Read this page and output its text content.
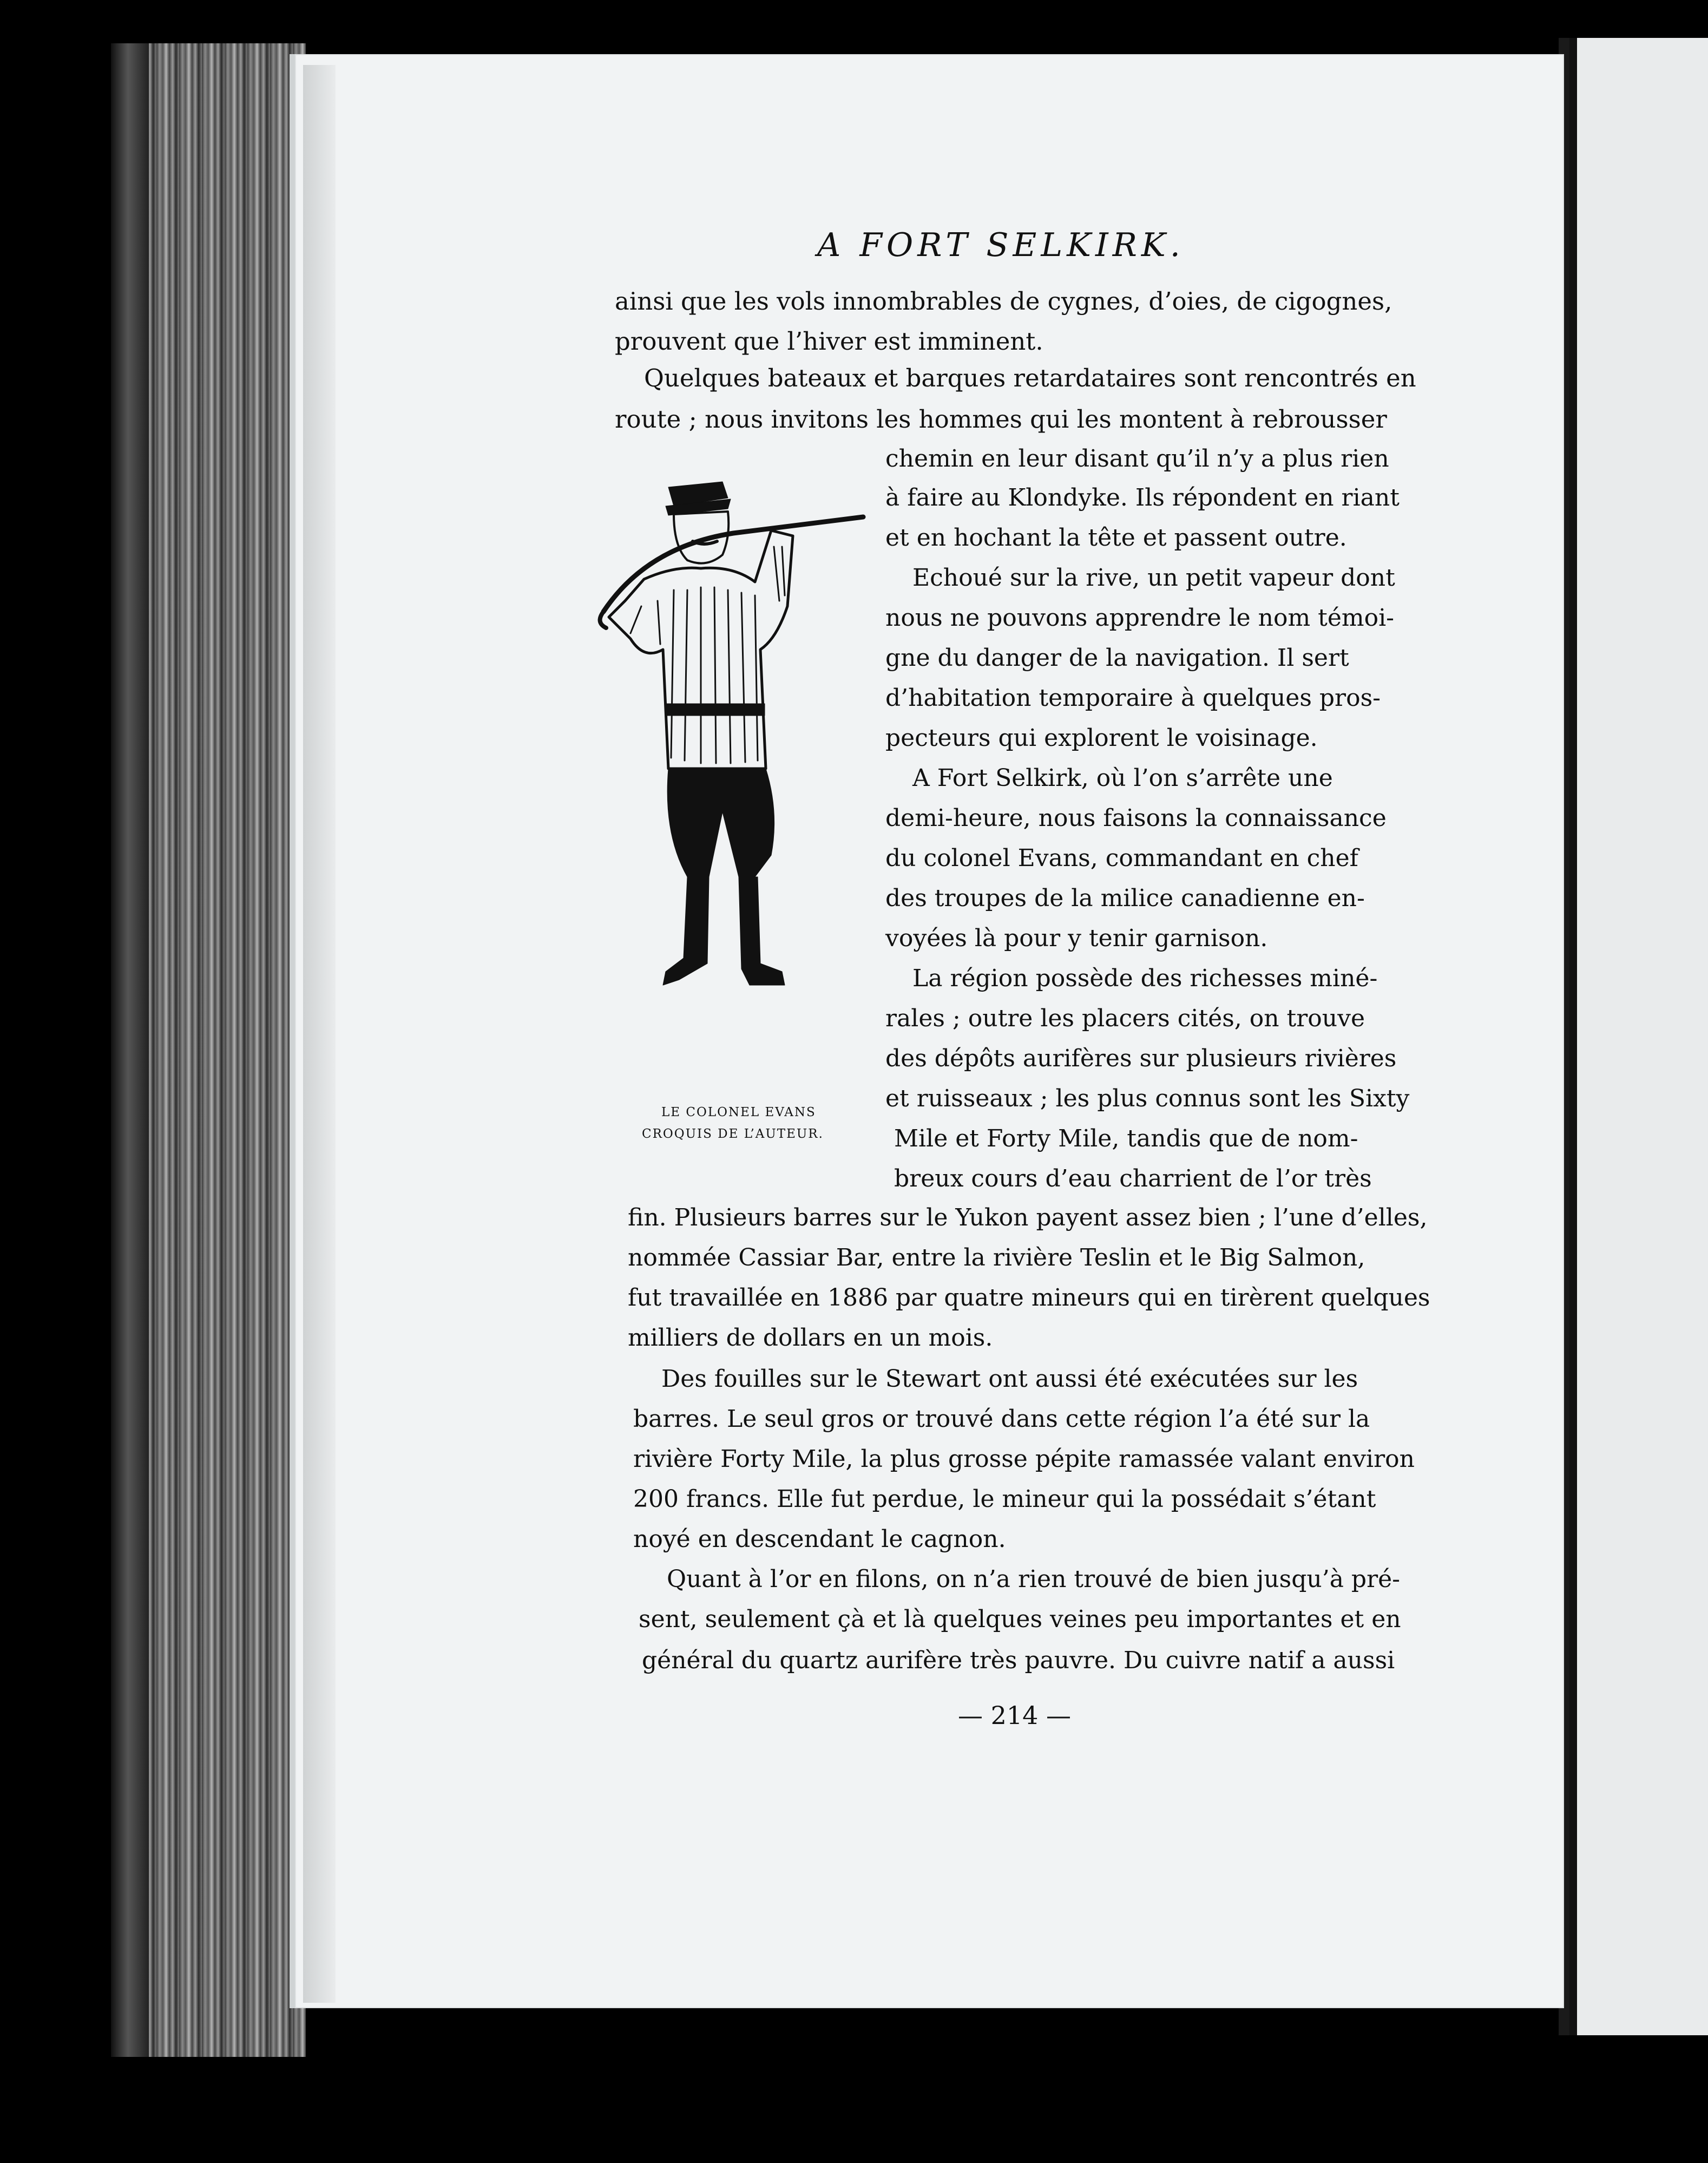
A FORT SELKIRK.
ainsi que les vols innombrables de cygnes, d’oies, de cigognes,
prouvent que l’hiver est imminent.
Quelques bateaux et barques retardataires sont rencontrés en
route ; nous invitons les hommes qui les montent à rebrousser
chemin en leur disant qu’il n’y a plus rien
à faire au Klondyke. Ils répondent en riant
et en hochant la tête et passent outre.
Echoué sur la rive, un petit vapeur dont
nous ne pouvons apprendre le nom témoi-
gne du danger de la navigation. Il sert
d’habitation temporaire à quelques pros-
pecteurs qui explorent le voisinage.
A Fort Selkirk, où l’on s’arrête une
demi-heure, nous faisons la connaissance
du colonel Evans, commandant en chef
des troupes de la milice canadienne en-
voyées là pour y tenir garnison.
La région possède des richesses miné-
rales ; outre les placers cités, on trouve
des dépôts aurifères sur plusieurs rivières
et ruisseaux ; les plus connus sont les Sixty
Mile et Forty Mile, tandis que de nom-
breux cours d’eau charrient de l’or très
LE COLONEL EVANS
CROQUIS DE L’AUTEUR.
fin. Plusieurs barres sur le Yukon payent assez bien ; l’une d’elles,
nommée Cassiar Bar, entre la rivière Teslin et le Big Salmon,
fut travaillée en 1886 par quatre mineurs qui en tirèrent quelques
milliers de dollars en un mois.
Des fouilles sur le Stewart ont aussi été exécutées sur les
barres. Le seul gros or trouvé dans cette région l’a été sur la
rivière Forty Mile, la plus grosse pépite ramassée valant environ
200 francs. Elle fut perdue, le mineur qui la possédait s’étant
noyé en descendant le cagnon.
Quant à l’or en filons, on n’a rien trouvé de bien jusqu’à pré-
sent, seulement çà et là quelques veines peu importantes et en
général du quartz aurifère très pauvre. Du cuivre natif a aussi
— 214 —
